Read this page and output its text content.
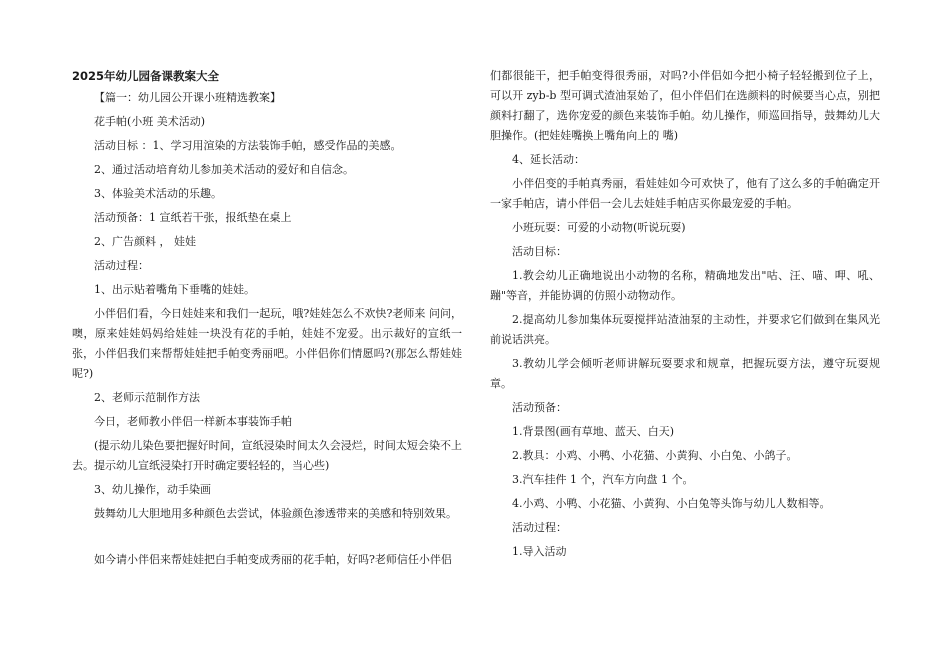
2025年幼儿园备课教案大全

【篇一：幼儿园公开课小班精选教案】

花手帕(小班 美术活动)

活动目标 ：1、学习用渲染的方法装饰手帕，感受作品的美感。

2、通过活动培育幼儿参加美术活动的爱好和自信念。

3、体验美术活动的乐趣。

活动预备：1 宣纸若干张，报纸垫在桌上

2、广告颜料 ， 娃娃

活动过程：

1、出示贴着嘴角下垂嘴的娃娃。

小伴侣们看，今日娃娃来和我们一起玩，哦?娃娃怎么不欢快?老师来 问问，噢，原来娃娃妈妈给娃娃一块没有花的手帕，娃娃不宠爱。出示裁好的宣纸一张，小伴侣我们来帮帮娃娃把手帕变秀丽吧。小伴侣你们情愿吗?(那怎么帮娃娃呢?)

2、老师示范制作方法

今日，老师教小伴侣一样新本事装饰手帕

(提示幼儿染色要把握好时间，宣纸浸染时间太久会浸烂，时间太短会染不上去。提示幼儿宣纸浸染打开时确定要轻轻的，当心些)

3、幼儿操作，动手染画

鼓舞幼儿大胆地用多种颜色去尝试，体验颜色渗透带来的美感和特别效果。

如今请小伴侣来帮娃娃把白手帕变成秀丽的花手帕，好吗?老师信任小伴侣

们都很能干，把手帕变得很秀丽，对吗?小伴侣如今把小椅子轻轻搬到位子上，可以开 zyb-b 型可调式渣油泵始了，但小伴侣们在选颜料的时候要当心点，别把颜料打翻了，选你宠爱的颜色来装饰手帕。幼儿操作，师巡回指导，鼓舞幼儿大胆操作。(把娃娃嘴换上嘴角向上的 嘴)

4、延长活动：

小伴侣变的手帕真秀丽，看娃娃如今可欢快了，他有了这么多的手帕确定开一家手帕店，请小伴侣一会儿去娃娃手帕店买你最宠爱的手帕。

小班玩耍：可爱的小动物(听说玩耍)

活动目标：

1.教会幼儿正确地说出小动物的名称，精确地发出"咕、汪、喵、呷、吼、蹦"等音，并能协调的仿照小动物动作。

2.提高幼儿参加集体玩耍搅拌站渣油泵的主动性，并要求它们做到在集风光前说话洪亮。

3.教幼儿学会倾听老师讲解玩耍要求和规章，把握玩耍方法，遵守玩耍规章。

活动预备：

1.背景图(画有草地、蓝天、白天)

2.教具：小鸡、小鸭、小花猫、小黄狗、小白兔、小鸽子。

3.汽车挂件 1 个，汽车方向盘 1 个。

4.小鸡、小鸭、小花猫、小黄狗、小白兔等头饰与幼儿人数相等。

活动过程：

1.导入活动
